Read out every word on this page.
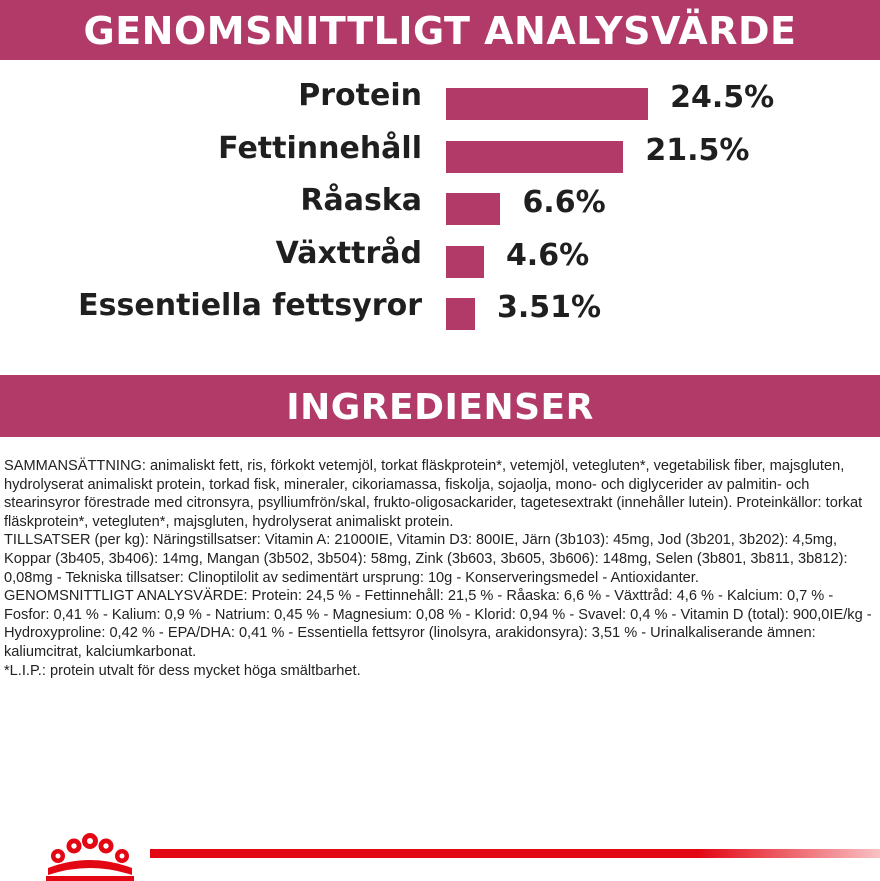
GENOMSNITTLIGT ANALYSVÄRDE
Protein	24.5%
Fettinnehåll	21.5%
Råaska	6.6%
Växttråd	4.6%
Essentiella fettsyror 3.51%
INGREDIENSER

SAMMANSÄTTNING: animaliskt fett, ris, förkokt vetemjöl, torkat fläskprotein*, vetemjöl, vetegluten*, vegetabilisk fiber, majsgluten, hydrolyserat animaliskt protein, torkad fisk, mineraler, cikoriamassa, fiskolja, sojaolja, mono- och diglycerider av palmitin- och stearinsyror förestrade med citronsyra, psylliumfrön/skal, frukto-oligosackarider, tagetesextrakt (innehåller lutein). Proteinkällor: torkat fläskprotein*, vetegluten*, majsgluten, hydrolyserat animaliskt protein.

TILLSATSER (per kg): Näringstillsatser: Vitamin A: 21000IE, Vitamin D3: 800IE, Järn (3b103): 45mg, Jod (3b201, 3b202): 4,5mg, Koppar (3b405, 3b406): 14mg, Mangan (3b502, 3b504): 58mg, Zink (3b603, 3b605, 3b606): 148mg, Selen (3b801, 3b811, 3b812): 0,08mg - Tekniska tillsatser: Clinoptilolit av sedimentärt ursprung: 10g - Konserveringsmedel - Antioxidanter.

GENOMSNITTLIGT ANALYSVÄRDE: Protein: 24,5 % - Fettinnehåll: 21,5 % - Råaska: 6,6 % - Växttråd: 4,6 % - Kalcium: 0,7 % - Fosfor: 0,41 % - Kalium: 0,9 % - Natrium: 0,45 % - Magnesium: 0,08 % - Klorid: 0,94 % - Svavel: 0,4 % - Vitamin D (total): 900,0IE/kg - Hydroxyproline: 0,42 % - EPA/DHA: 0,41 % - Essentiella fettsyror (linolsyra, arakidonsyra): 3,51 % - Urinalkaliserande ämnen: kaliumcitrat, kalciumkarbonat.

*L.I.P.: protein utvalt för dess mycket höga smältbarhet.
